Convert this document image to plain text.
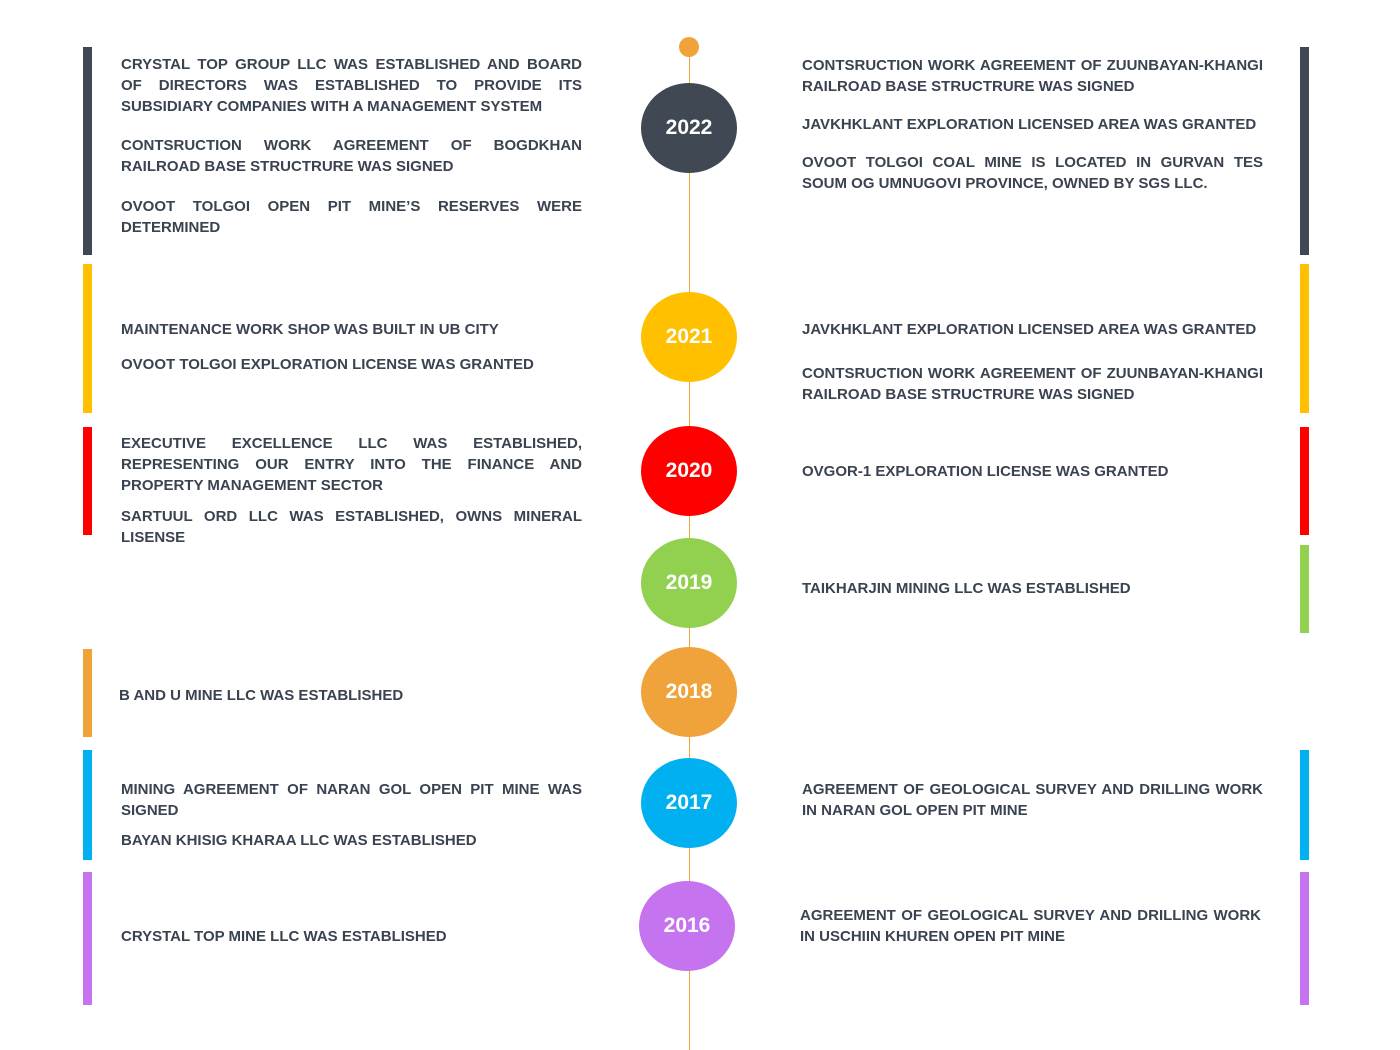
2022
CRYSTAL TOP GROUP LLC WAS ESTABLISHED AND BOARD OF DIRECTORS WAS ESTABLISHED TO PROVIDE ITS SUBSIDIARY COMPANIES WITH A MANAGEMENT SYSTEM
CONTSRUCTION WORK AGREEMENT OF BOGDKHAN RAILROAD BASE STRUCTRURE WAS SIGNED
OVOOT TOLGOI OPEN PIT MINE’S RESERVES WERE DETERMINED
CONTSRUCTION WORK AGREEMENT OF ZUUNBAYAN-KHANGI RAILROAD BASE STRUCTRURE WAS SIGNED
JAVKHKLANT EXPLORATION LICENSED AREA WAS GRANTED
OVOOT TOLGOI COAL MINE IS LOCATED IN GURVAN TES SOUM OG UMNUGOVI PROVINCE, OWNED BY SGS LLC.
2021
MAINTENANCE WORK SHOP WAS BUILT IN UB CITY
OVOOT TOLGOI EXPLORATION LICENSE WAS GRANTED
JAVKHKLANT EXPLORATION LICENSED AREA WAS GRANTED
CONTSRUCTION WORK AGREEMENT OF ZUUNBAYAN-KHANGI RAILROAD BASE STRUCTRURE WAS SIGNED
2020
EXECUTIVE EXCELLENCE LLC WAS ESTABLISHED, REPRESENTING OUR ENTRY INTO THE FINANCE AND PROPERTY MANAGEMENT SECTOR
SARTUUL ORD LLC WAS ESTABLISHED, OWNS MINERAL LISENSE
OVGOR-1 EXPLORATION LICENSE WAS GRANTED
2019	TAIKHARJIN MINING LLC WAS ESTABLISHED
2018
B AND U MINE LLC WAS ESTABLISHED
2017
MINING AGREEMENT OF NARAN GOL OPEN PIT MINE WAS SIGNED
BAYAN KHISIG KHARAA LLC WAS ESTABLISHED
AGREEMENT OF GEOLOGICAL SURVEY AND DRILLING WORK IN NARAN GOL OPEN PIT MINE
2016
CRYSTAL TOP MINE LLC WAS ESTABLISHED
AGREEMENT OF GEOLOGICAL SURVEY AND DRILLING WORK IN USCHIIN KHUREN OPEN PIT MINE
